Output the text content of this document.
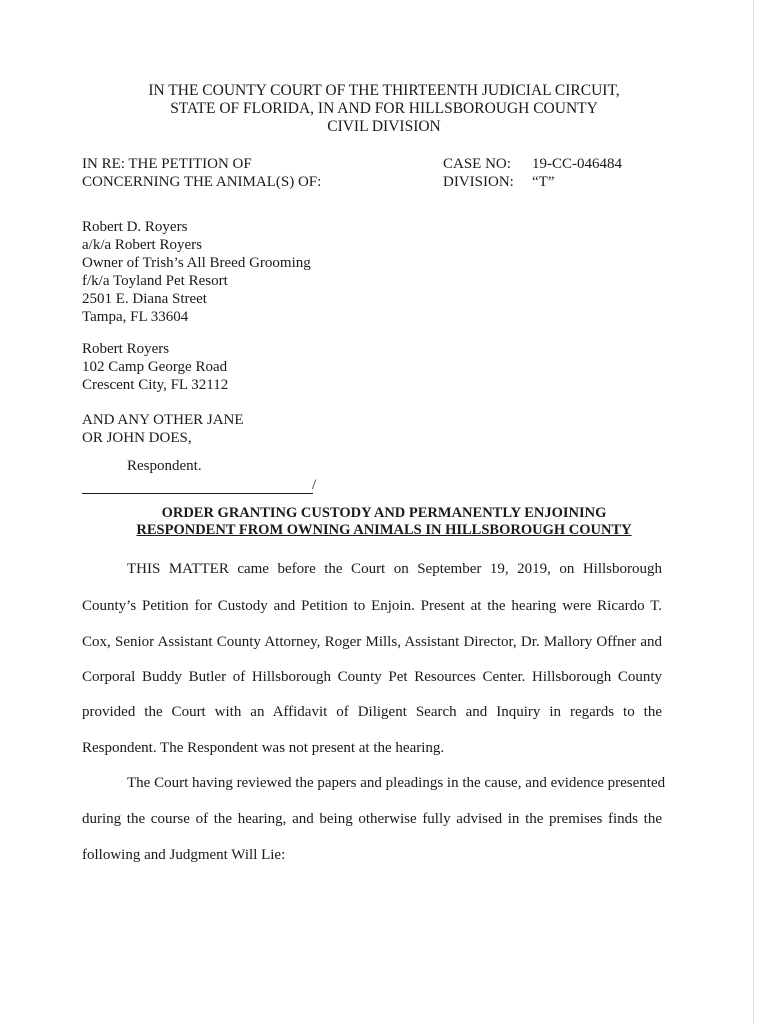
IN THE COUNTY COURT OF THE THIRTEENTH JUDICIAL CIRCUIT,
STATE OF FLORIDA, IN AND FOR HILLSBOROUGH COUNTY
CIVIL DIVISION
IN RE: THE PETITION OF
CONCERNING THE ANIMAL(S) OF:
CASE NO:	19-CC-046484
DIVISION:	“T”
Robert D. Royers
a/k/a Robert Royers
Owner of Trish’s All Breed Grooming
f/k/a Toyland Pet Resort
2501 E. Diana Street
Tampa, FL 33604
Robert Royers
102 Camp George Road
Crescent City, FL 32112
AND ANY OTHER JANE
OR JOHN DOES,
Respondent.
/
ORDER GRANTING CUSTODY AND PERMANENTLY ENJOINING
RESPONDENT FROM OWNING ANIMALS IN HILLSBOROUGH COUNTY
THIS MATTER came before the Court on September 19, 2019, on Hillsborough
County’s Petition for Custody and Petition to Enjoin. Present at the hearing were Ricardo T.
Cox, Senior Assistant County Attorney, Roger Mills, Assistant Director, Dr. Mallory Offner and
Corporal Buddy Butler of Hillsborough County Pet Resources Center. Hillsborough County
provided the Court with an Affidavit of Diligent Search and Inquiry in regards to the
Respondent. The Respondent was not present at the hearing.
The Court having reviewed the papers and pleadings in the cause, and evidence presented
during the course of the hearing, and being otherwise fully advised in the premises finds the
following and Judgment Will Lie:
